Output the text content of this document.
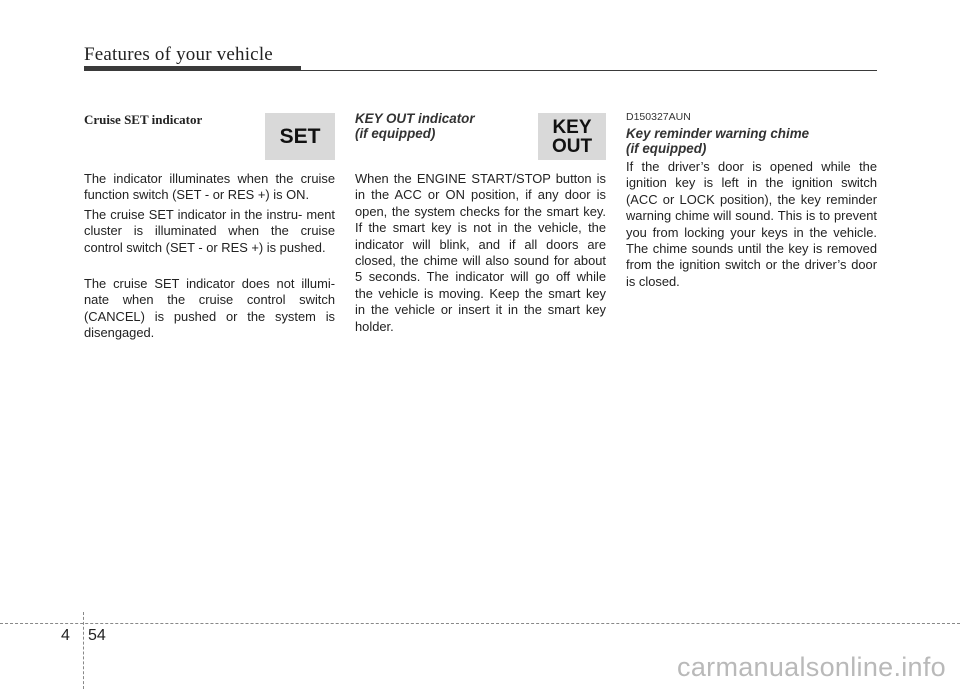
Features of your vehicle
Cruise SET indicator
SET

The indicator illuminates when the cruise function switch (SET - or RES +) is ON.

The cruise SET indicator in the instru- ment cluster is illuminated when the cruise control switch (SET - or RES +) is pushed.

The cruise SET indicator does not illumi- nate when the cruise control switch (CANCEL) is pushed or the system is disengaged.

KEY OUT indicator
(if equipped)	KEY
OUT

When the ENGINE START/STOP button is in the ACC or ON position, if any door is open, the system checks for the smart key. If the smart key is not in the vehicle, the indicator will blink, and if all doors are closed, the chime will also sound for about 5 seconds. The indicator will go off while the vehicle is moving. Keep the smart key in the vehicle or insert it in the smart key holder.

D150327AUN
Key reminder warning chime
(if equipped)

If the driver’s door is opened while the ignition key is left in the ignition switch (ACC or LOCK position), the key reminder warning chime will sound. This is to prevent you from locking your keys in the vehicle. The chime sounds until the key is removed from the ignition switch or the driver’s door is closed.

4 54
carmanualsonline.info
